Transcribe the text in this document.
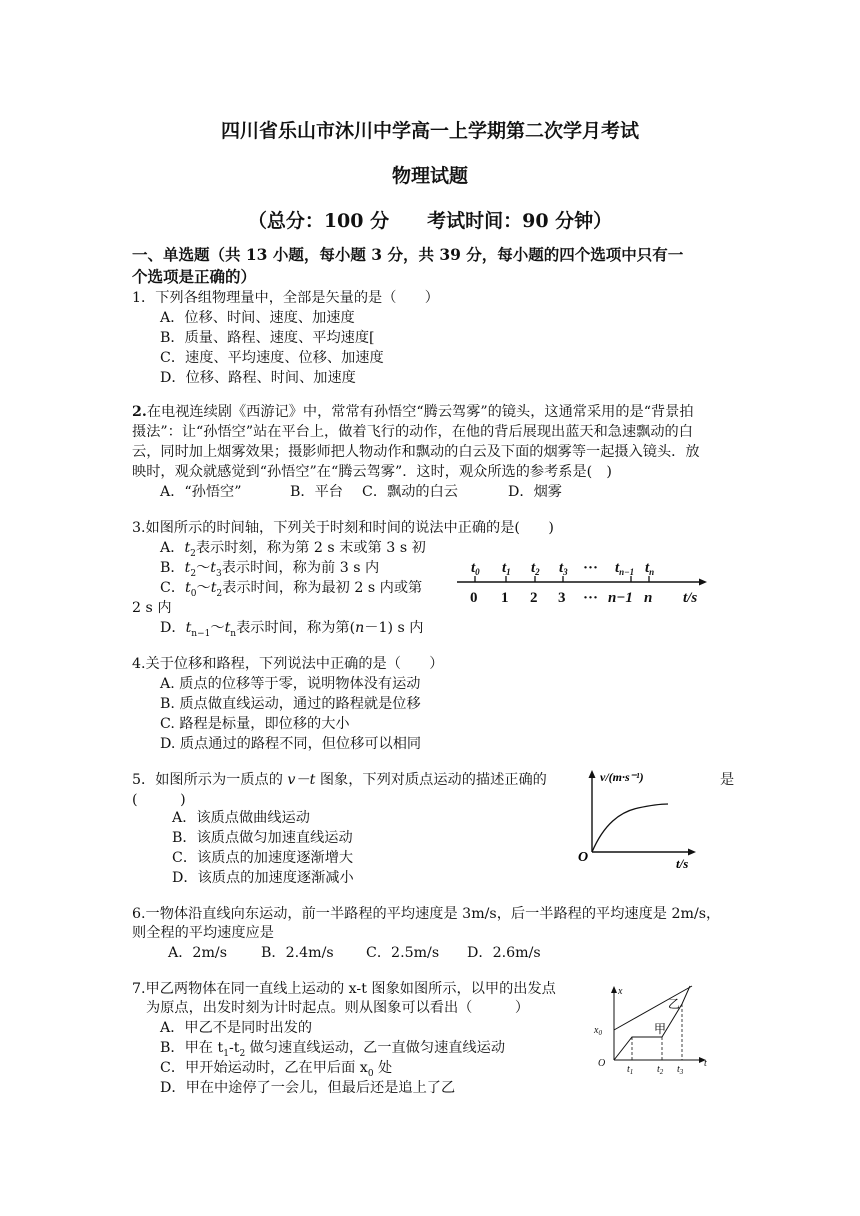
四川省乐山市沐川中学高一上学期第二次学月考试
物理试题
（总分：100 分　　考试时间：90 分钟）
一、单选题（共 13 小题，每小题 3 分，共 39 分，每小题的四个选项中只有一
个选项是正确的）
1．下列各组物理量中，全部是矢量的是（　　）
A．位移、时间、速度、加速度
B．质量、路程、速度、平均速度[
C．速度、平均速度、位移、加速度
D．位移、路程、时间、加速度
2.在电视连续剧《西游记》中，常常有孙悟空“腾云驾雾”的镜头，这通常采用的是“背景拍
摄法”：让“孙悟空”站在平台上，做着飞行的动作，在他的背后展现出蓝天和急速飘动的白
云，同时加上烟雾效果；摄影师把人物动作和飘动的白云及下面的烟雾等一起摄入镜头．放
映时，观众就感觉到“孙悟空”在“腾云驾雾”．这时，观众所选的参考系是(　)
A．“孙悟空”	B．平台 C．飘动的白云	D．烟雾
3.如图所示的时间轴，下列关于时刻和时间的说法中正确的是(　　)
A．$t_2$表示时刻，称为第 2 s 末或第 3 s 初
B．$t_2\sim t_3$表示时间，称为前 3 s 内
C．$t_0\sim t_2$表示时间，称为最初 2 s 内或第
2 s 内
D．$t_{n-1}\sim t_n$表示时间，称为第(n－1) s 内
$t_0$ $t_1$ $t_2$ $t_3$ ··· $t_{n-1}$ $t_n$
0 1 2 3 ··· n−1 n t/s
4.关于位移和路程，下列说法中正确的是（　　）
A. 质点的位移等于零，说明物体没有运动
B. 质点做直线运动，通过的路程就是位移
C. 路程是标量，即位移的大小
D. 质点通过的路程不同，但位移可以相同
5．如图所示为一质点的 v－t 图象，下列对质点运动的描述正确的	是
(　　　)
A．该质点做曲线运动
B．该质点做匀加速直线运动
C．该质点的加速度逐渐增大
D．该质点的加速度逐渐减小
v/(m·s⁻¹)
O	t/s
6.一物体沿直线向东运动，前一半路程的平均速度是 3m/s，后一半路程的平均速度是 2m/s，
则全程的平均速度应是
A．2m/s B．2.4m/s C．2.5m/s D．2.6m/s
7.甲乙两物体在同一直线上运动的 x-t 图象如图所示，以甲的出发点
为原点，出发时刻为计时起点。则从图象可以看出（　　　）
A．甲乙不是同时出发的
B．甲在 $t_1-t_2$ 做匀速直线运动，乙一直做匀速直线运动
C．甲开始运动时，乙在甲后面 $x_0$ 处
D．甲在中途停了一会儿，但最后还是追上了乙
x
$x_0$
O	t
$t_1$ $t_2$ $t_3$
甲
乙
